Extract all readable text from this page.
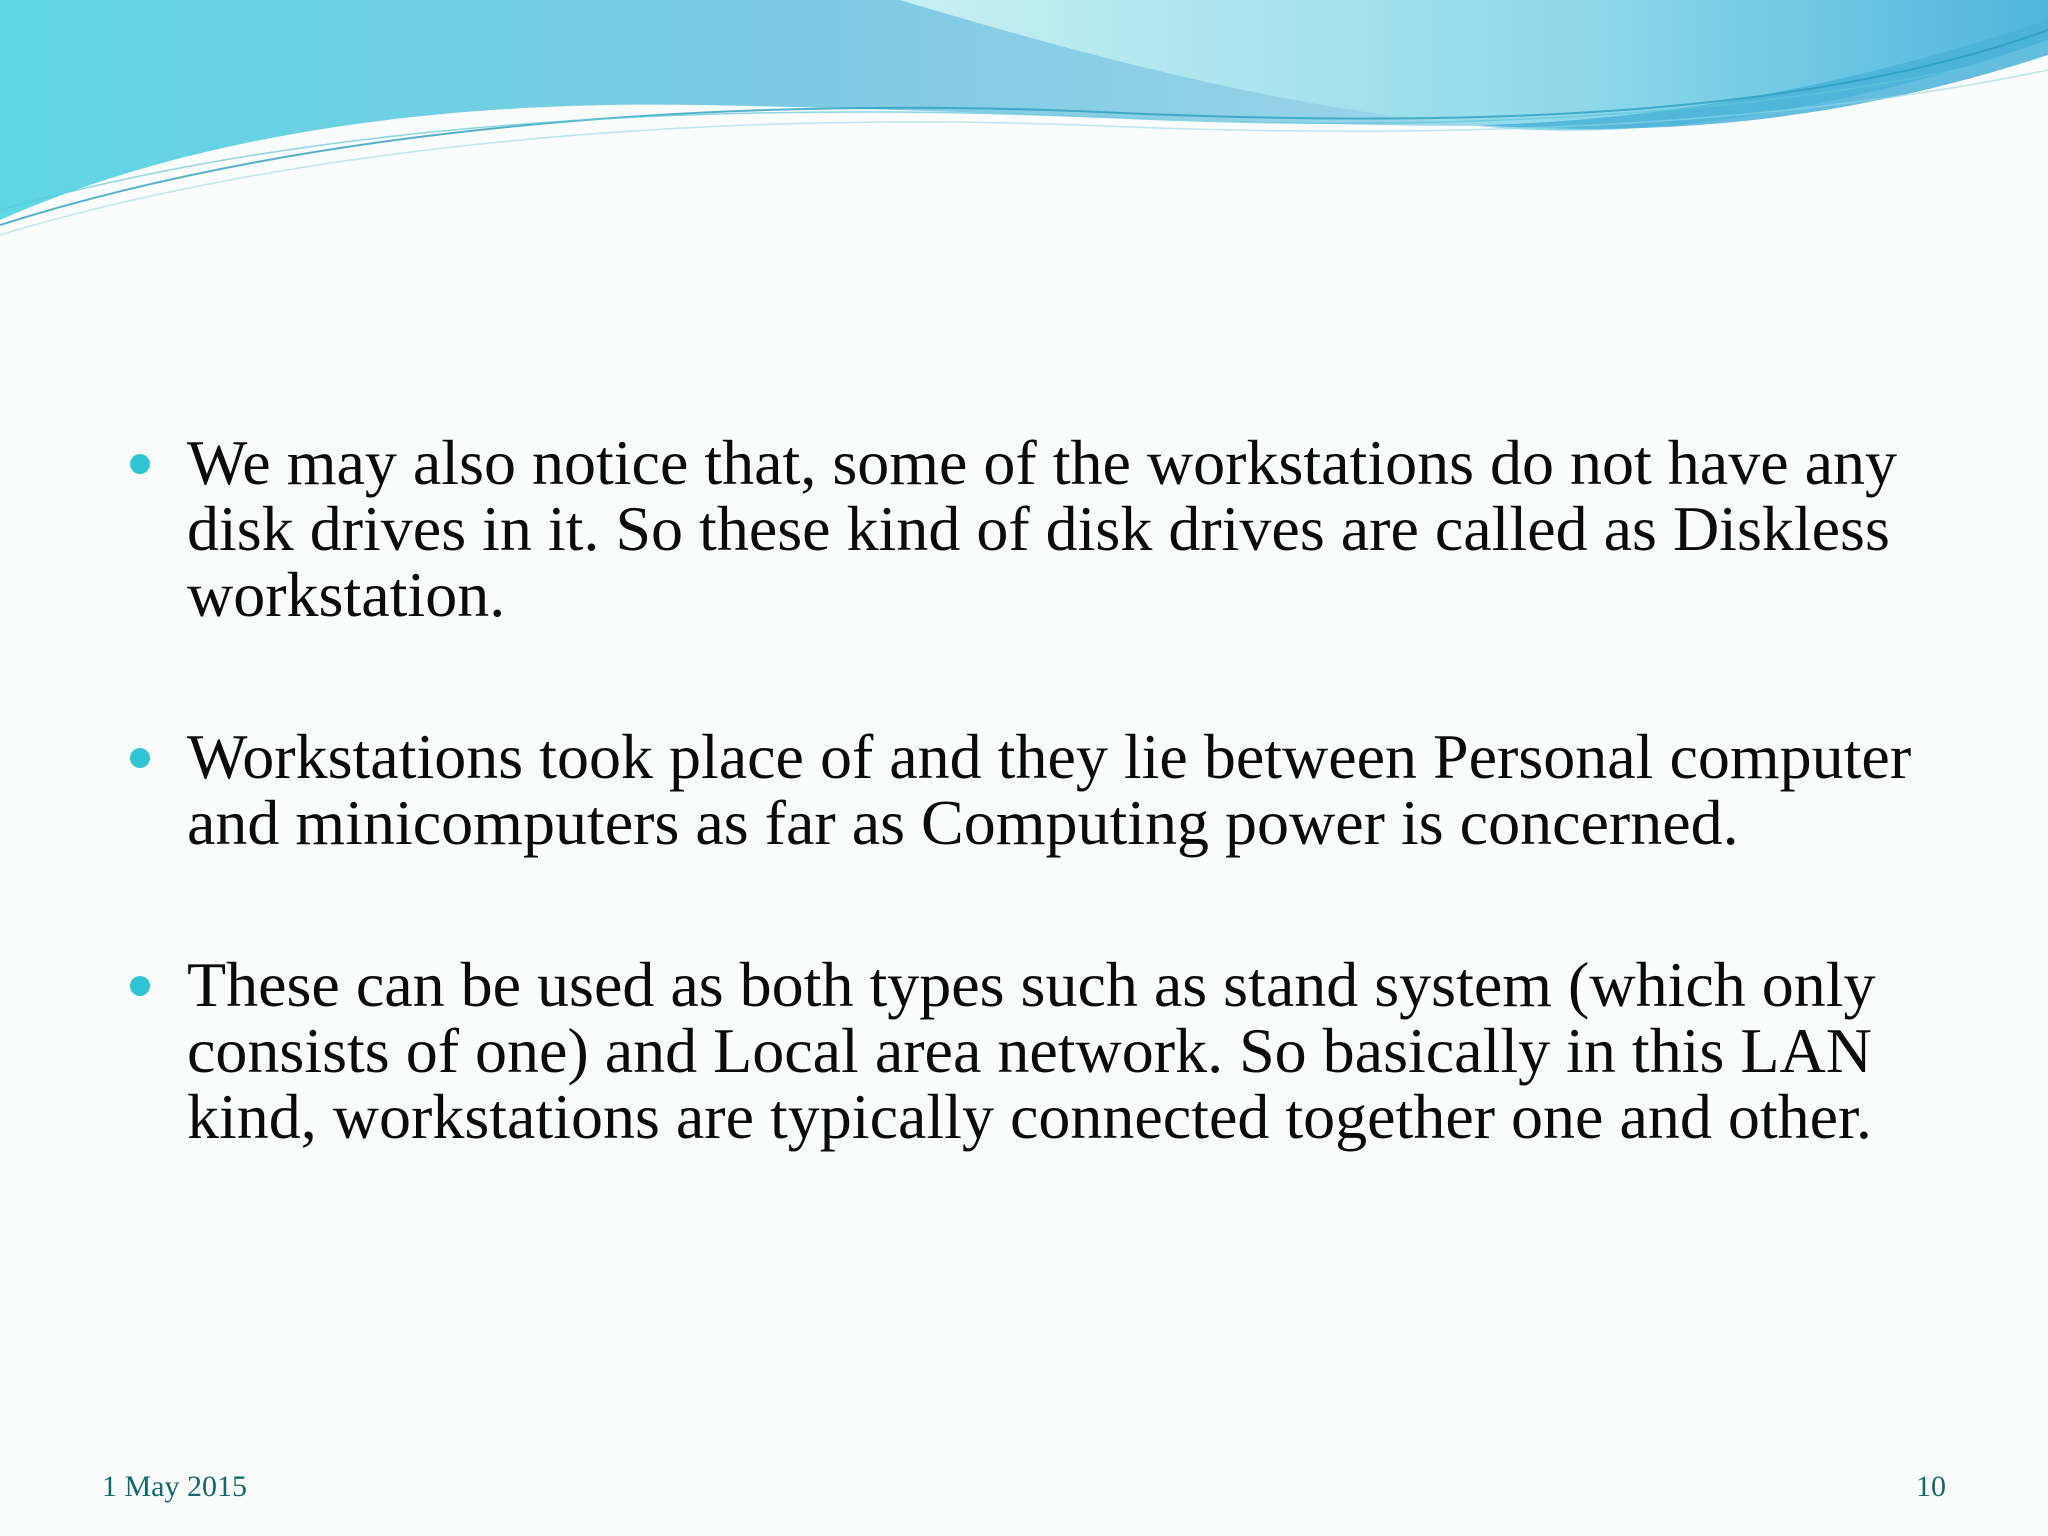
We may also notice that, some of the workstations do not have any disk drives in it. So these kind of disk drives are called as Diskless workstation.
Workstations took place of and they lie between Personal computer and minicomputers as far as Computing power is concerned.
These can be used as both types such as stand system (which only consists of one) and Local area network. So basically in this LAN kind, workstations are typically connected together one and other.
1 May 2015	10
